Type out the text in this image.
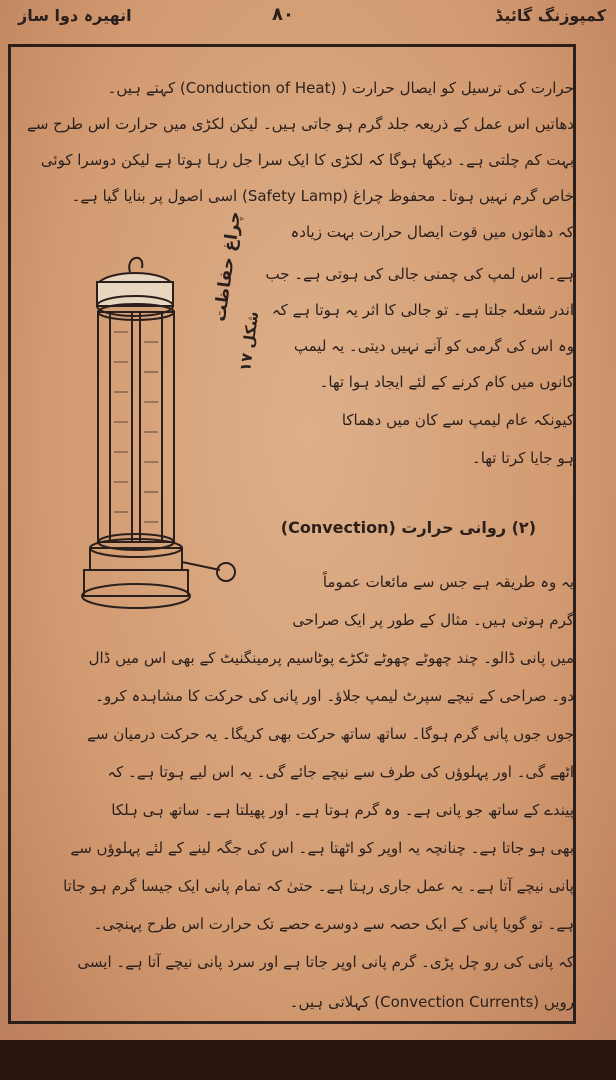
کمپوزنگ گائیڈ
۸۰
انھیرہ دوا ساز
حرارت کی ترسیل کو ایصال حرارت ( (Conduction of Heat) کہتے ہیں۔
دھاتیں اس عمل کے ذریعہ جلد گرم ہو جاتی ہیں۔ لیکن لکڑی میں حرارت اس طرح سے
بہت کم چلتی ہے۔ دیکھا ہوگا کہ لکڑی کا ایک سرا جل رہا ہوتا ہے لیکن دوسرا کوئی
خاص گرم نہیں ہوتا۔ محفوظ چراغ (Safety Lamp) اسی اصول پر بنایا گیا ہے۔
کہ دھاتوں میں قوت ایصال حرارت بہت زیادہ
ہے۔ اس لمپ کی چمنی جالی کی ہوتی ہے۔ جب
اندر شعلہ جلتا ہے۔ تو جالی کا اثر یہ ہوتا ہے کہ
وہ اس کی گرمی کو آنے نہیں دیتی۔ یہ لیمپ
کانوں میں کام کرنے کے لئے ایجاد ہوا تھا۔
کیونکہ عام لیمپ سے کان میں دھماکا
ہو جایا کرتا تھا۔
چراغ حفاظت
شکل ۱۷
(۲) روانی حرارت (Convection)
یہ وہ طریقہ ہے جس سے مائعات عموماً
گرم ہوتی ہیں۔ مثال کے طور پر ایک صراحی
میں پانی ڈالو۔ چند چھوٹے چھوٹے ٹکڑے پوٹاسیم پرمینگنیٹ کے بھی اس میں ڈال
دو۔ صراحی کے نیچے سپرٹ لیمپ جلاؤ۔ اور پانی کی حرکت کا مشاہدہ کرو۔
جوں جوں پانی گرم ہوگا۔ ساتھ ساتھ حرکت بھی کریگا۔ یہ حرکت درمیان سے
اٹھے گی۔ اور پہلوؤں کی طرف سے نیچے جائے گی۔ یہ اس لیے ہوتا ہے۔ کہ
پیندے کے ساتھ جو پانی ہے۔ وہ گرم ہوتا ہے۔ اور پھیلتا ہے۔ ساتھ ہی ہلکا
بھی ہو جاتا ہے۔ چنانچہ یہ اوپر کو اٹھتا ہے۔ اس کی جگہ لینے کے لئے پہلوؤں سے
پانی نیچے آتا ہے۔ یہ عمل جاری رہتا ہے۔ حتیٰ کہ تمام پانی ایک جیسا گرم ہو جاتا
ہے۔ تو گویا پانی کے ایک حصہ سے دوسرے حصے تک حرارت اس طرح پہنچی۔
کہ پانی کی رو چل پڑی۔ گرم پانی اوپر جاتا ہے اور سرد پانی نیچے آتا ہے۔ ایسی
رویں (Convection Currents) کہلاتی ہیں۔
